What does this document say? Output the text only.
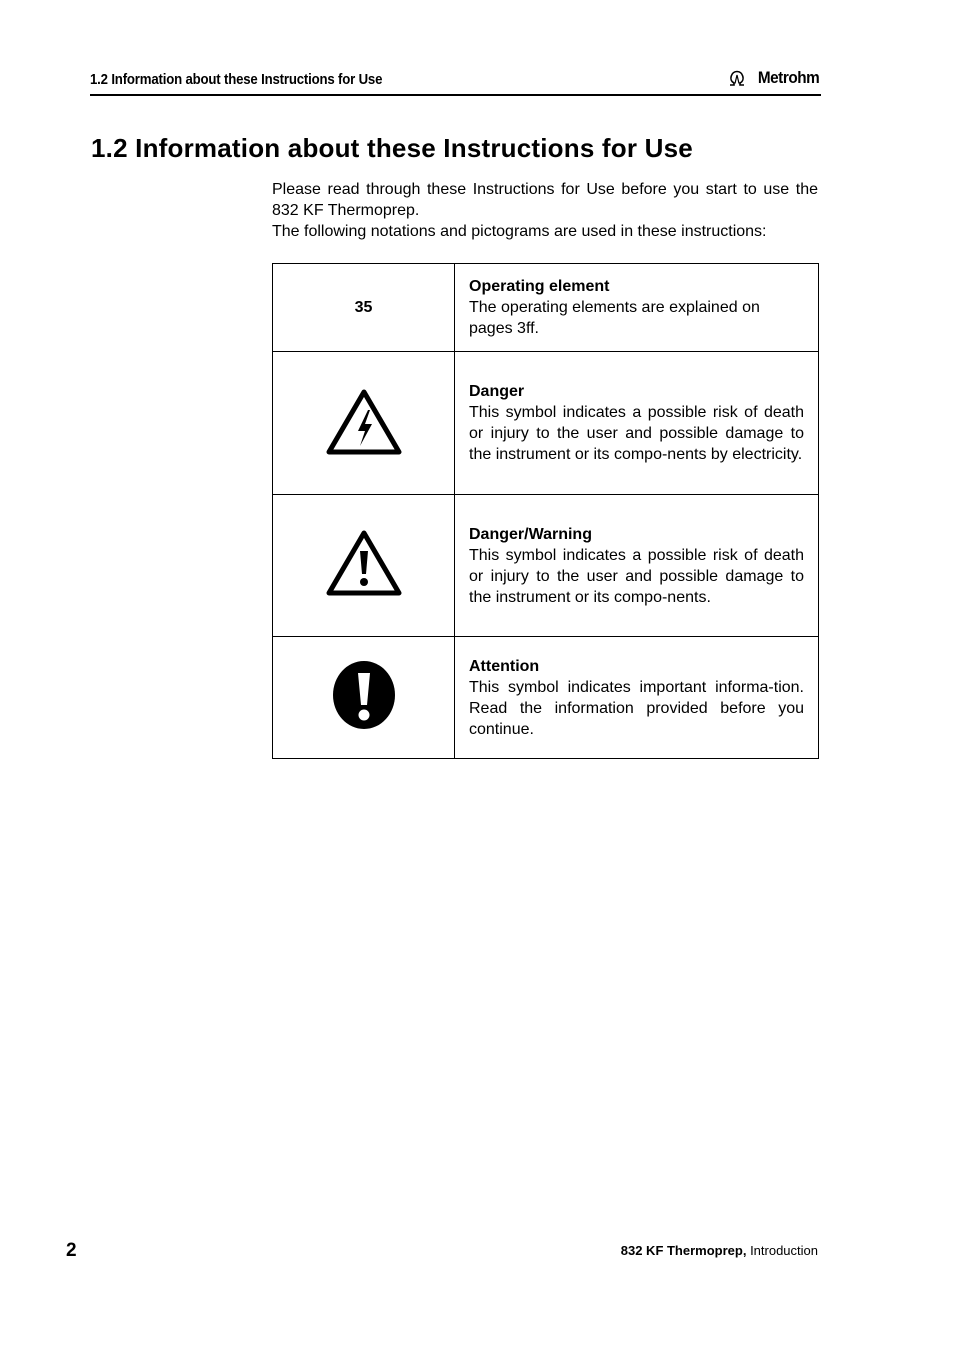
1.2 Information about these Instructions for Use	Metrohm
1.2 Information about these Instructions for Use

Please read through these Instructions for Use before you start to use the 832 KF Thermoprep.

The following notations and pictograms are used in these instructions:

35	Operating element
The operating elements are explained on pages 3ff.

Danger
This symbol indicates a possible risk of death or injury to the user and possible damage to the instrument or its compo-nents by electricity.

Danger/Warning
This symbol indicates a possible risk of death or injury to the user and possible damage to the instrument or its compo-nents.

Attention
This symbol indicates important informa-tion. Read the information provided before you continue.
2	832 KF Thermoprep, Introduction
